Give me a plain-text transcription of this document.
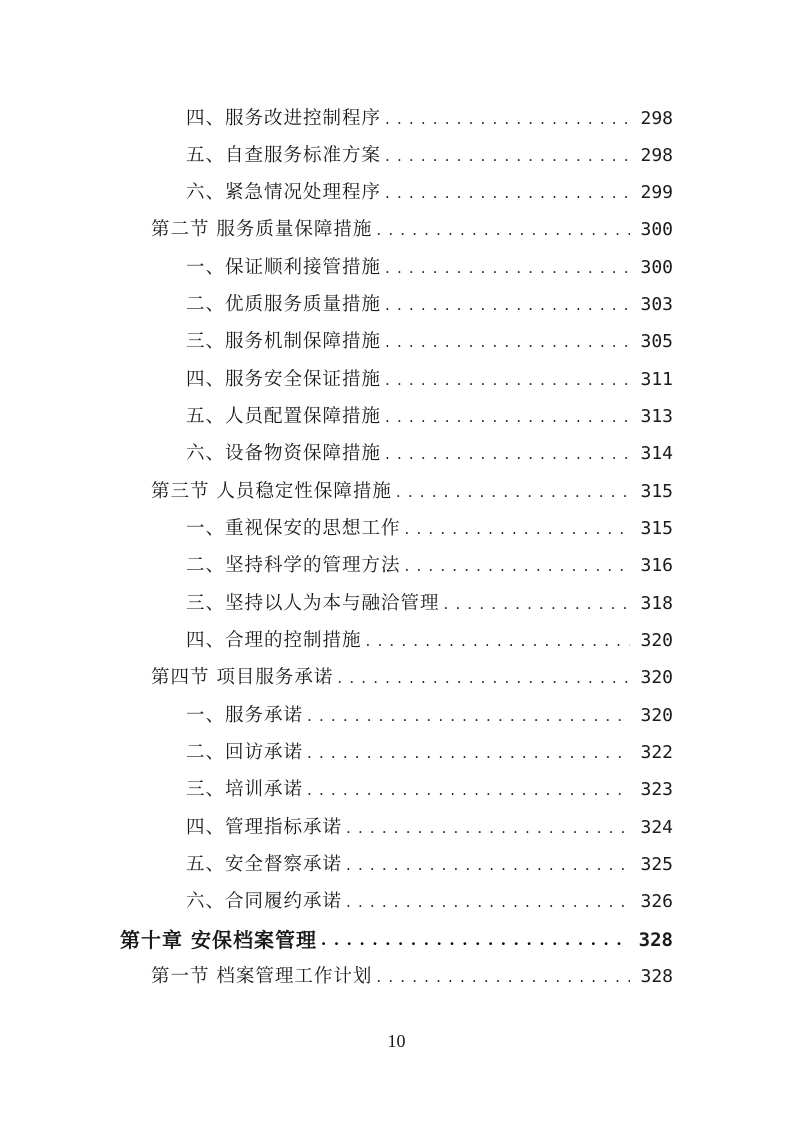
四、服务改进控制程序 . . .	298
五、自查服务标准方案 . . .	298
六、紧急情况处理程序 . . .	299
第二节 服务质量保障措施 . . .	300
一、保证顺利接管措施 . . .	300
二、优质服务质量措施 . . .	303
三、服务机制保障措施 . . .	305
四、服务安全保证措施 . . .	311
五、人员配置保障措施 . . .	313
六、设备物资保障措施 . . .	314
第三节 人员稳定性保障措施 . . .	315
一、重视保安的思想工作 . . .	315
二、坚持科学的管理方法 . . .	316
三、坚持以人为本与融洽管理 . . .	318
四、合理的控制措施 . . .	320
第四节 项目服务承诺 . . .	320
一、服务承诺 . . .	320
二、回访承诺 . . .	322
三、培训承诺 . . .	323
四、管理指标承诺 . . .	324
五、安全督察承诺 . . .	325
六、合同履约承诺 . . .	326
第十章 安保档案管理 . . .	328
第一节 档案管理工作计划 . . .	328
10
